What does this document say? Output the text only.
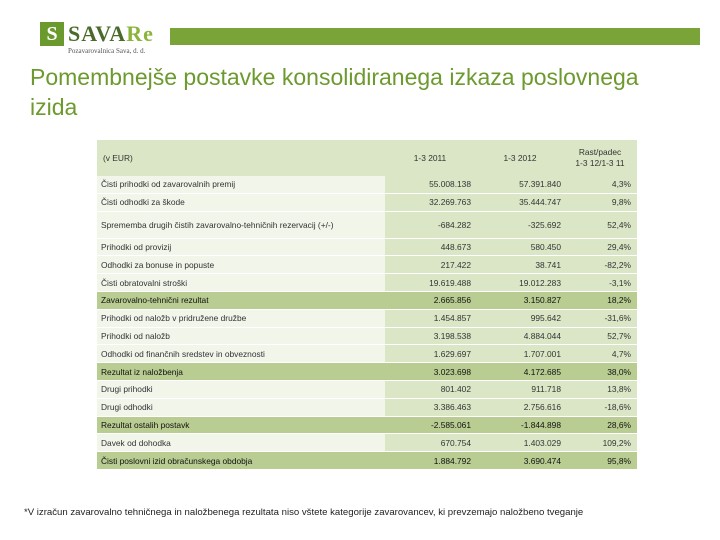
S SAVARe
Pozavarovalnica Sava, d. d.
7
Pomembnejše postavke konsolidiranega izkaza poslovnega izida
(v EUR)	1-3 2011	1-3 2012	Rast/padec
1-3 12/1-3 11
Čisti prihodki od zavarovalnih premij	55.008.138	57.391.840	4,3%
Čisti odhodki za škode	32.269.763	35.444.747	9,8%
Sprememba drugih čistih zavarovalno-tehničnih rezervacij (+/-)	-684.282	-325.692	52,4%
Prihodki od provizij	448.673	580.450	29,4%
Odhodki za bonuse in popuste	217.422	38.741	-82,2%
Čisti obratovalni stroški	19.619.488	19.012.283	-3,1%
Zavarovalno-tehnični rezultat	2.665.856	3.150.827	18,2%
Prihodki od naložb v pridružene družbe	1.454.857	995.642	-31,6%
Prihodki od naložb	3.198.538	4.884.044	52,7%
Odhodki od finančnih sredstev in obveznosti	1.629.697	1.707.001	4,7%
Rezultat iz naložbenja	3.023.698	4.172.685	38,0%
Drugi prihodki	801.402	911.718	13,8%
Drugi odhodki	3.386.463	2.756.616	-18,6%
Rezultat ostalih postavk	-2.585.061	-1.844.898	28,6%
Davek od dohodka	670.754	1.403.029	109,2%
Čisti poslovni izid obračunskega obdobja	1.884.792	3.690.474	95,8%
*V izračun zavarovalno tehničnega in naložbenega rezultata niso vštete kategorije zavarovancev, ki prevzemajo naložbeno tveganje
